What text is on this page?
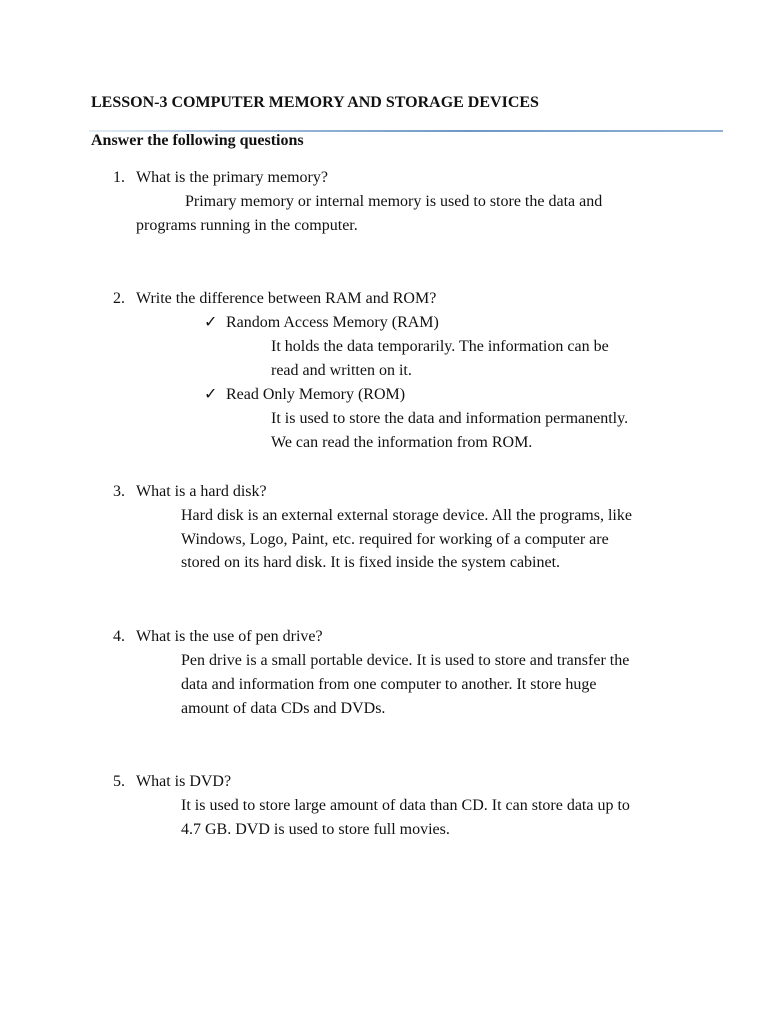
LESSON-3 COMPUTER MEMORY AND STORAGE DEVICES
Answer the following questions
1. What is the primary memory?
Primary memory or internal memory is used to store the data and
programs running in the computer.
2. Write the difference between RAM and ROM?
✓ Random Access Memory (RAM)
It holds the data temporarily. The information can be
read and written on it.
✓ Read Only Memory (ROM)
It is used to store the data and information permanently.
We can read the information from ROM.
3. What is a hard disk?
Hard disk is an external external storage device. All the programs, like
Windows, Logo, Paint, etc. required for working of a computer are
stored on its hard disk. It is fixed inside the system cabinet.
4. What is the use of pen drive?
Pen drive is a small portable device. It is used to store and transfer the
data and information from one computer to another. It store huge
amount of data CDs and DVDs.
5. What is DVD?
It is used to store large amount of data than CD. It can store data up to
4.7 GB. DVD is used to store full movies.
